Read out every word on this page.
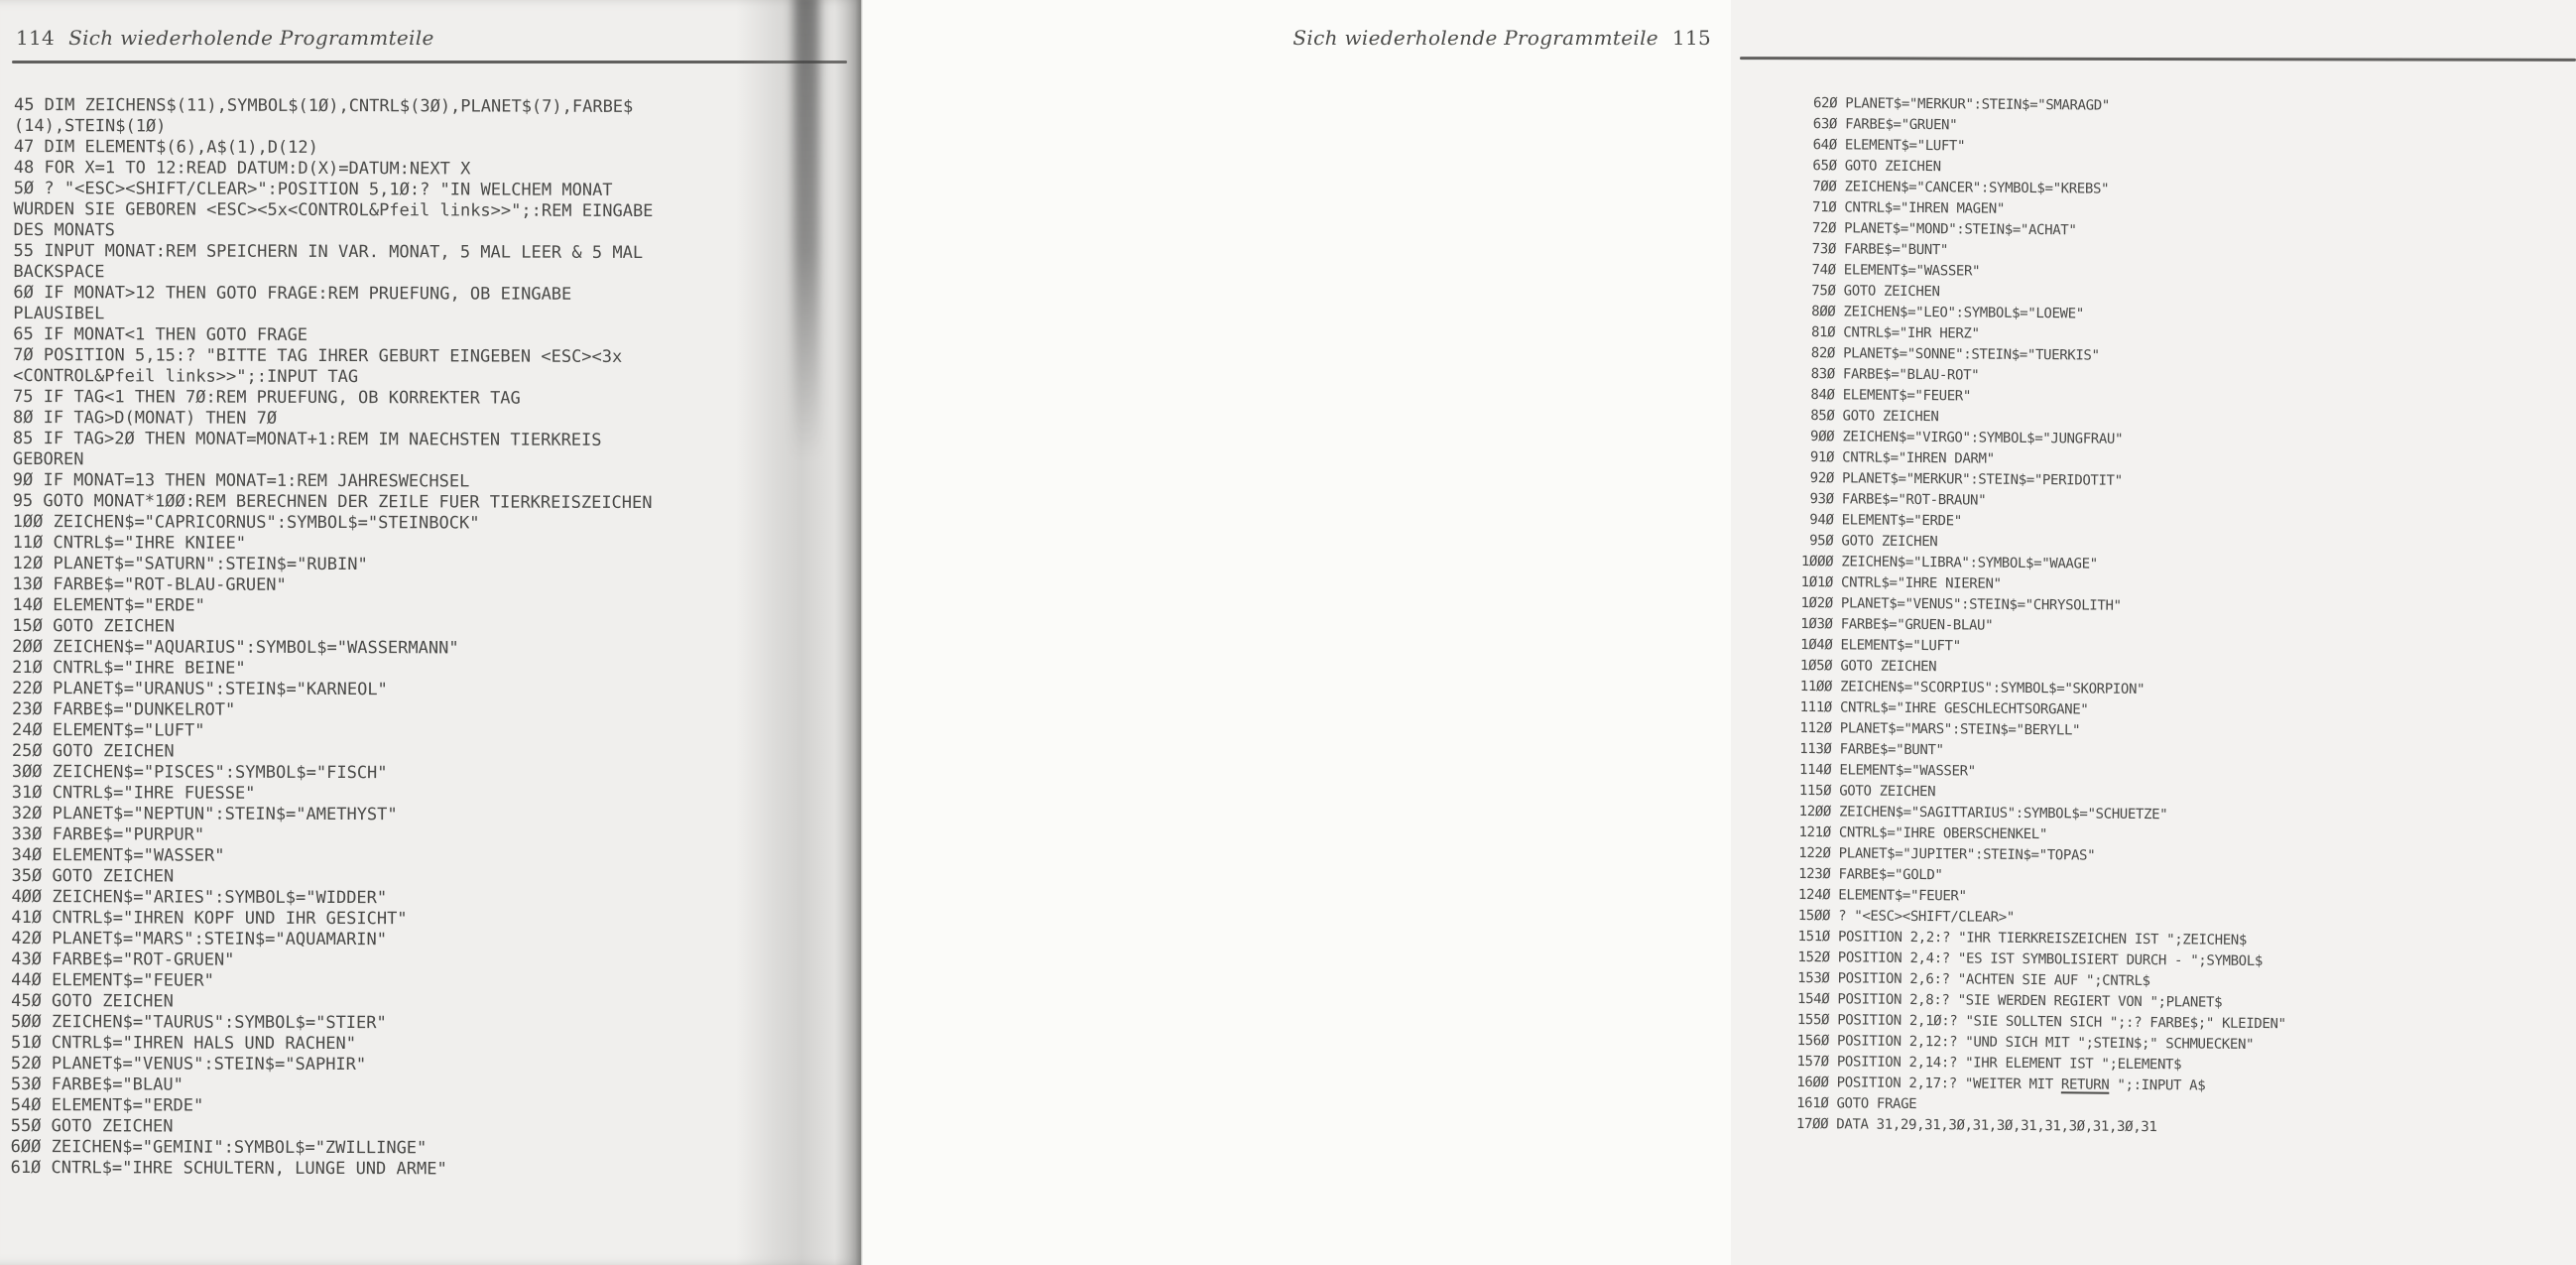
114 Sich wiederholende Programmteile
45 DIM ZEICHENS$(11),SYMBOL$(1Ø),CNTRL$(3Ø),PLANET$(7),FARBE$
(14),STEIN$(1Ø)
47 DIM ELEMENT$(6),A$(1),D(12)
48 FOR X=1 TO 12:READ DATUM:D(X)=DATUM:NEXT X
5Ø ? "<ESC><SHIFT/CLEAR>":POSITION 5,1Ø:? "IN WELCHEM MONAT
WURDEN SIE GEBOREN <ESC><5x<CONTROL&Pfeil links>>";:REM EINGABE
DES MONATS
55 INPUT MONAT:REM SPEICHERN IN VAR. MONAT, 5 MAL LEER & 5 MAL
BACKSPACE
6Ø IF MONAT>12 THEN GOTO FRAGE:REM PRUEFUNG, OB EINGABE
PLAUSIBEL
65 IF MONAT<1 THEN GOTO FRAGE
7Ø POSITION 5,15:? "BITTE TAG IHRER GEBURT EINGEBEN <ESC><3x
<CONTROL&Pfeil links>>";:INPUT TAG
75 IF TAG<1 THEN 7Ø:REM PRUEFUNG, OB KORREKTER TAG
8Ø IF TAG>D(MONAT) THEN 7Ø
85 IF TAG>2Ø THEN MONAT=MONAT+1:REM IM NAECHSTEN TIERKREIS
GEBOREN
9Ø IF MONAT=13 THEN MONAT=1:REM JAHRESWECHSEL
95 GOTO MONAT*1ØØ:REM BERECHNEN DER ZEILE FUER TIERKREISZEICHEN
1ØØ ZEICHEN$="CAPRICORNUS":SYMBOL$="STEINBOCK"
11Ø CNTRL$="IHRE KNIEE"
12Ø PLANET$="SATURN":STEIN$="RUBIN"
13Ø FARBE$="ROT-BLAU-GRUEN"
14Ø ELEMENT$="ERDE"
15Ø GOTO ZEICHEN
2ØØ ZEICHEN$="AQUARIUS":SYMBOL$="WASSERMANN"
21Ø CNTRL$="IHRE BEINE"
22Ø PLANET$="URANUS":STEIN$="KARNEOL"
23Ø FARBE$="DUNKELROT"
24Ø ELEMENT$="LUFT"
25Ø GOTO ZEICHEN
3ØØ ZEICHEN$="PISCES":SYMBOL$="FISCH"
31Ø CNTRL$="IHRE FUESSE"
32Ø PLANET$="NEPTUN":STEIN$="AMETHYST"
33Ø FARBE$="PURPUR"
34Ø ELEMENT$="WASSER"
35Ø GOTO ZEICHEN
4ØØ ZEICHEN$="ARIES":SYMBOL$="WIDDER"
41Ø CNTRL$="IHREN KOPF UND IHR GESICHT"
42Ø PLANET$="MARS":STEIN$="AQUAMARIN"
43Ø FARBE$="ROT-GRUEN"
44Ø ELEMENT$="FEUER"
45Ø GOTO ZEICHEN
5ØØ ZEICHEN$="TAURUS":SYMBOL$="STIER"
51Ø CNTRL$="IHREN HALS UND RACHEN"
52Ø PLANET$="VENUS":STEIN$="SAPHIR"
53Ø FARBE$="BLAU"
54Ø ELEMENT$="ERDE"
55Ø GOTO ZEICHEN
6ØØ ZEICHEN$="GEMINI":SYMBOL$="ZWILLINGE"
61Ø CNTRL$="IHRE SCHULTERN, LUNGE UND ARME"
Sich wiederholende Programmteile 115
62Ø PLANET$="MERKUR":STEIN$="SMARAGD"
63Ø FARBE$="GRUEN"
64Ø ELEMENT$="LUFT"
65Ø GOTO ZEICHEN
7ØØ ZEICHEN$="CANCER":SYMBOL$="KREBS"
71Ø CNTRL$="IHREN MAGEN"
72Ø PLANET$="MOND":STEIN$="ACHAT"
73Ø FARBE$="BUNT"
74Ø ELEMENT$="WASSER"
75Ø GOTO ZEICHEN
8ØØ ZEICHEN$="LEO":SYMBOL$="LOEWE"
81Ø CNTRL$="IHR HERZ"
82Ø PLANET$="SONNE":STEIN$="TUERKIS"
83Ø FARBE$="BLAU-ROT"
84Ø ELEMENT$="FEUER"
85Ø GOTO ZEICHEN
9ØØ ZEICHEN$="VIRGO":SYMBOL$="JUNGFRAU"
91Ø CNTRL$="IHREN DARM"
92Ø PLANET$="MERKUR":STEIN$="PERIDOTIT"
93Ø FARBE$="ROT-BRAUN"
94Ø ELEMENT$="ERDE"
95Ø GOTO ZEICHEN
1ØØØ ZEICHEN$="LIBRA":SYMBOL$="WAAGE"
1Ø1Ø CNTRL$="IHRE NIEREN"
1Ø2Ø PLANET$="VENUS":STEIN$="CHRYSOLITH"
1Ø3Ø FARBE$="GRUEN-BLAU"
1Ø4Ø ELEMENT$="LUFT"
1Ø5Ø GOTO ZEICHEN
11ØØ ZEICHEN$="SCORPIUS":SYMBOL$="SKORPION"
111Ø CNTRL$="IHRE GESCHLECHTSORGANE"
112Ø PLANET$="MARS":STEIN$="BERYLL"
113Ø FARBE$="BUNT"
114Ø ELEMENT$="WASSER"
115Ø GOTO ZEICHEN
12ØØ ZEICHEN$="SAGITTARIUS":SYMBOL$="SCHUETZE"
121Ø CNTRL$="IHRE OBERSCHENKEL"
122Ø PLANET$="JUPITER":STEIN$="TOPAS"
123Ø FARBE$="GOLD"
124Ø ELEMENT$="FEUER"
15ØØ ? "<ESC><SHIFT/CLEAR>"
151Ø POSITION 2,2:? "IHR TIERKREISZEICHEN IST ";ZEICHEN$
152Ø POSITION 2,4:? "ES IST SYMBOLISIERT DURCH - ";SYMBOL$
153Ø POSITION 2,6:? "ACHTEN SIE AUF ";CNTRL$
154Ø POSITION 2,8:? "SIE WERDEN REGIERT VON ";PLANET$
155Ø POSITION 2,1Ø:? "SIE SOLLTEN SICH ";:? FARBE$;" KLEIDEN"
156Ø POSITION 2,12:? "UND SICH MIT ";STEIN$;" SCHMUECKEN"
157Ø POSITION 2,14:? "IHR ELEMENT IST ";ELEMENT$
16ØØ POSITION 2,17:? "WEITER MIT RETURN ";:INPUT A$
161Ø GOTO FRAGE
17ØØ DATA 31,29,31,3Ø,31,3Ø,31,31,3Ø,31,3Ø,31
